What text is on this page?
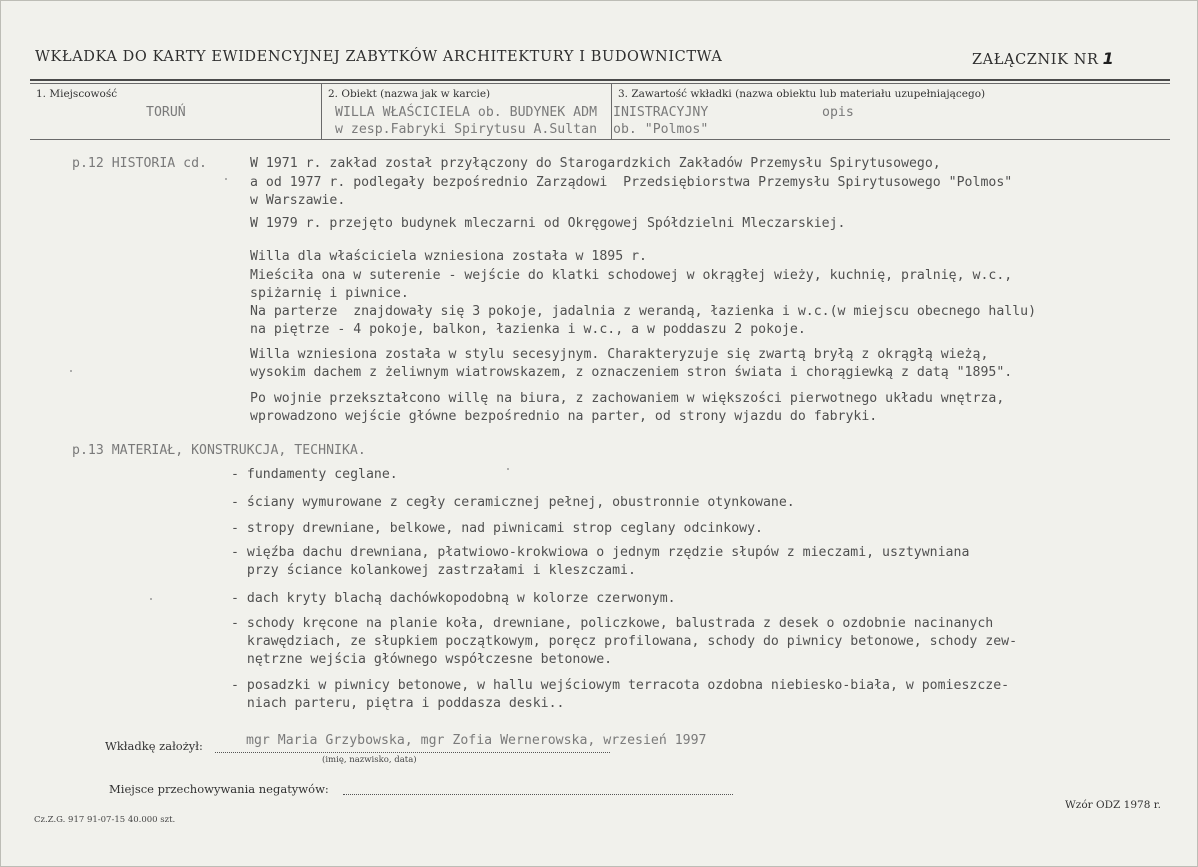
WKŁADKA DO KARTY EWIDENCYJNEJ ZABYTKÓW ARCHITEKTURY I BUDOWNICTWA	ZAŁĄCZNIK NR 1
1. Miejscowość
TORUŃ
2. Obiekt (nazwa jak w karcie)
WILLA WŁAŚCICIELA ob. BUDYNEK ADM
w zesp.Fabryki Spirytusu A.Sultan
3. Zawartość wkładki (nazwa obiektu lub materiału uzupełniającego)
INISTRACYJNY
ob. "Polmos"
opis
p.12 HISTORIA cd.	W 1971 r. zakład został przyłączony do Starogardzkich Zakładów Przemysłu Spirytusowego,
a od 1977 r. podlegały bezpośrednio Zarządowi  Przedsiębiorstwa Przemysłu Spirytusowego "Polmos"
w Warszawie.
W 1979 r. przejęto budynek mleczarni od Okręgowej Spółdzielni Mleczarskiej.
Willa dla właściciela wzniesiona została w 1895 r.
Mieściła ona w suterenie - wejście do klatki schodowej w okrągłej wieży, kuchnię, pralnię, w.c.,
spiżarnię i piwnice.
Na parterze  znajdowały się 3 pokoje, jadalnia z werandą, łazienka i w.c.(w miejscu obecnego hallu)
na piętrze - 4 pokoje, balkon, łazienka i w.c., a w poddaszu 2 pokoje.
Willa wzniesiona została w stylu secesyjnym. Charakteryzuje się zwartą bryłą z okrągłą wieżą,
wysokim dachem z żeliwnym wiatrowskazem, z oznaczeniem stron świata i chorągiewką z datą "1895".
Po wojnie przekształcono willę na biura, z zachowaniem w większości pierwotnego układu wnętrza,
wprowadzono wejście główne bezpośrednio na parter, od strony wjazdu do fabryki.
p.13 MATERIAŁ, KONSTRUKCJA, TECHNIKA.
- fundamenty ceglane.
- ściany wymurowane z cegły ceramicznej pełnej, obustronnie otynkowane.
- stropy drewniane, belkowe, nad piwnicami strop ceglany odcinkowy.
- więźba dachu drewniana, płatwiowo-krokwiowa o jednym rzędzie słupów z mieczami, usztywniana
przy ściance kolankowej zastrzałami i kleszczami.
- dach kryty blachą dachówkopodobną w kolorze czerwonym.
- schody kręcone na planie koła, drewniane, policzkowe, balustrada z desek o ozdobnie nacinanych
krawędziach, ze słupkiem początkowym, poręcz profilowana, schody do piwnicy betonowe, schody zew-
nętrzne wejścia głównego współczesne betonowe.
- posadzki w piwnicy betonowe, w hallu wejściowym terracota ozdobna niebiesko-biała, w pomieszcze-
niach parteru, piętra i poddasza deski..
Wkładkę założył:	mgr Maria Grzybowska, mgr Zofia Wernerowska, wrzesień 1997
(imię, nazwisko, data)
Miejsce przechowywania negatywów:
Cz.Z.G. 917 91-07-15 40.000 szt.
Wzór ODZ 1978 r.
